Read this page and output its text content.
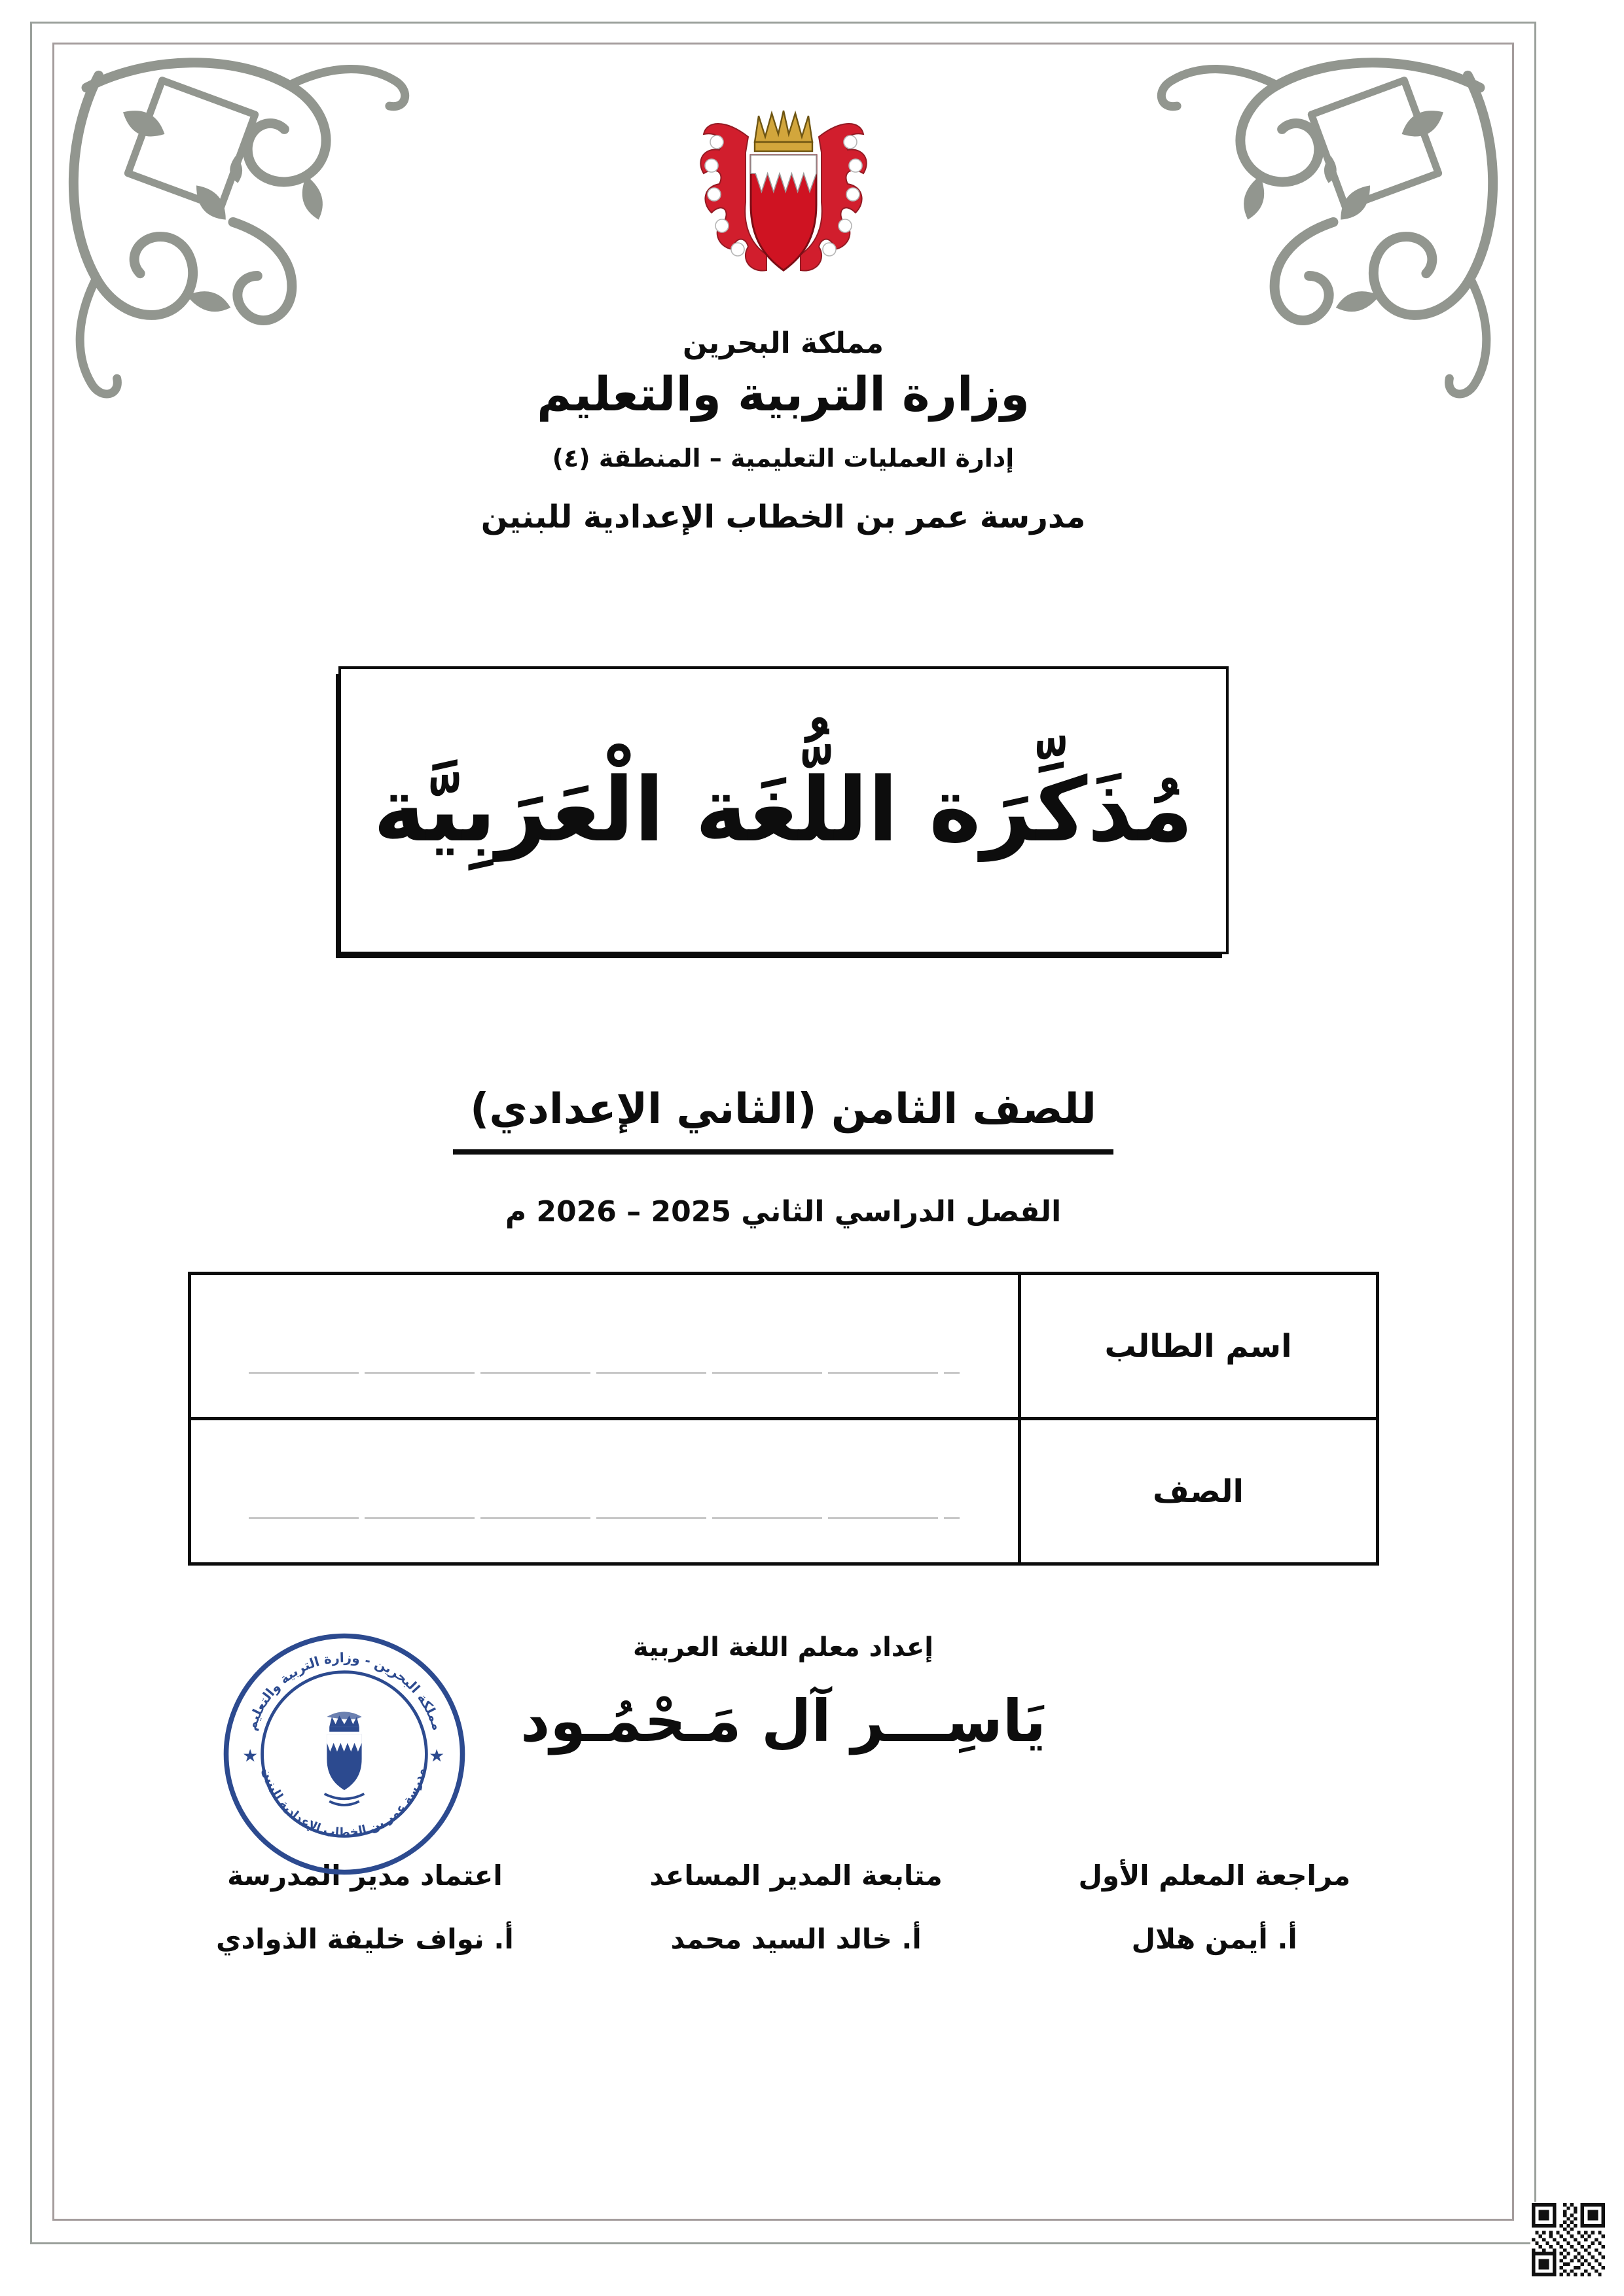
مملكة البحرين
وزارة التربية والتعليم
إدارة العمليات التعليمية – المنطقة (٤)
مدرسة عمر بن الخطاب الإعدادية للبنين
مُذَكِّرَة اللُّغَة الْعَرَبِيَّة
للصف الثامن (الثاني الإعدادي)
الفصل الدراسي الثاني 2025 – 2026 م
اسم الطالب	

الصف	
إعداد معلم اللغة العربية
يَاسِـــر آل مَـحْمُـود
مراجعة المعلم الأول
أ. أيمن هلال
متابعة المدير المساعد
أ. خالد السيد محمد
اعتماد مدير المدرسة
أ. نواف خليفة الذوادي
مملكة البحرين - وزارة التربية والتعليم
مدرسة عمر بن الخطاب الإعدادية للبنين
★	★
